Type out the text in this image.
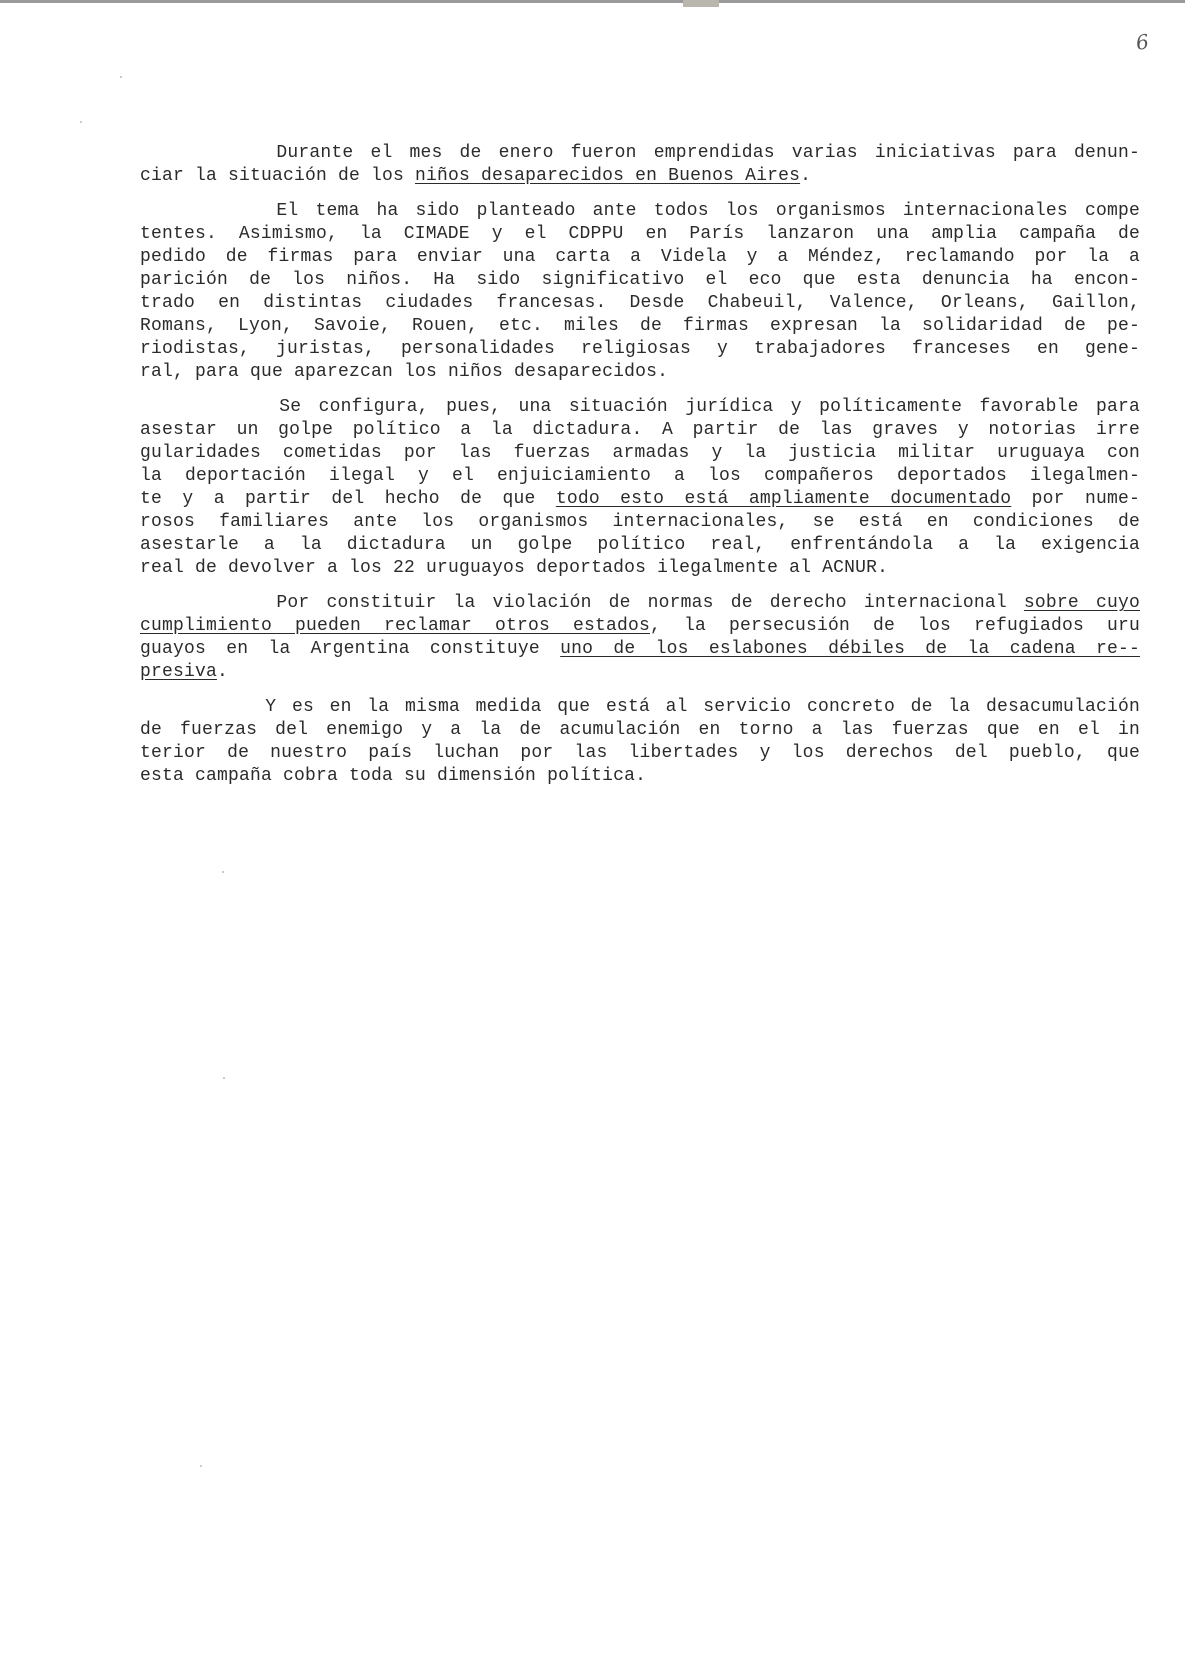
6
Durante el mes de enero fueron emprendidas varias iniciativas para denun-
ciar la situación de los niños desaparecidos en Buenos Aires.
El tema ha sido planteado ante todos los organismos internacionales compe
tentes. Asimismo, la CIMADE y el CDPPU en París lanzaron una amplia campaña de
pedido de firmas para enviar una carta a Videla y a Méndez, reclamando por la a
parición de los niños. Ha sido significativo el eco que esta denuncia ha encon-
trado en distintas ciudades francesas. Desde Chabeuil, Valence, Orleans, Gaillon,
Romans, Lyon, Savoie, Rouen, etc. miles de firmas expresan la solidaridad de pe-
riodistas, juristas, personalidades religiosas y trabajadores franceses en gene-
ral, para que aparezcan los niños desaparecidos.
Se configura, pues, una situación jurídica y políticamente favorable para
asestar un golpe político a la dictadura. A partir de las graves y notorias irre
gularidades cometidas por las fuerzas armadas y la justicia militar uruguaya con
la deportación ilegal y el enjuiciamiento a los compañeros deportados ilegalmen-
te y a partir del hecho de que todo esto está ampliamente documentado por nume-
rosos familiares ante los organismos internacionales, se está en condiciones de
asestarle a la dictadura un golpe político real, enfrentándola a la exigencia
real de devolver a los 22 uruguayos deportados ilegalmente al ACNUR.
Por constituir la violación de normas de derecho internacional sobre cuyo
cumplimiento pueden reclamar otros estados, la persecusión de los refugiados uru
guayos en la Argentina constituye uno de los eslabones débiles de la cadena re--
presiva.
Y es en la misma medida que está al servicio concreto de la desacumulación
de fuerzas del enemigo y a la de acumulación en torno a las fuerzas que en el in
terior de nuestro país luchan por las libertades y los derechos del pueblo, que
esta campaña cobra toda su dimensión política.
